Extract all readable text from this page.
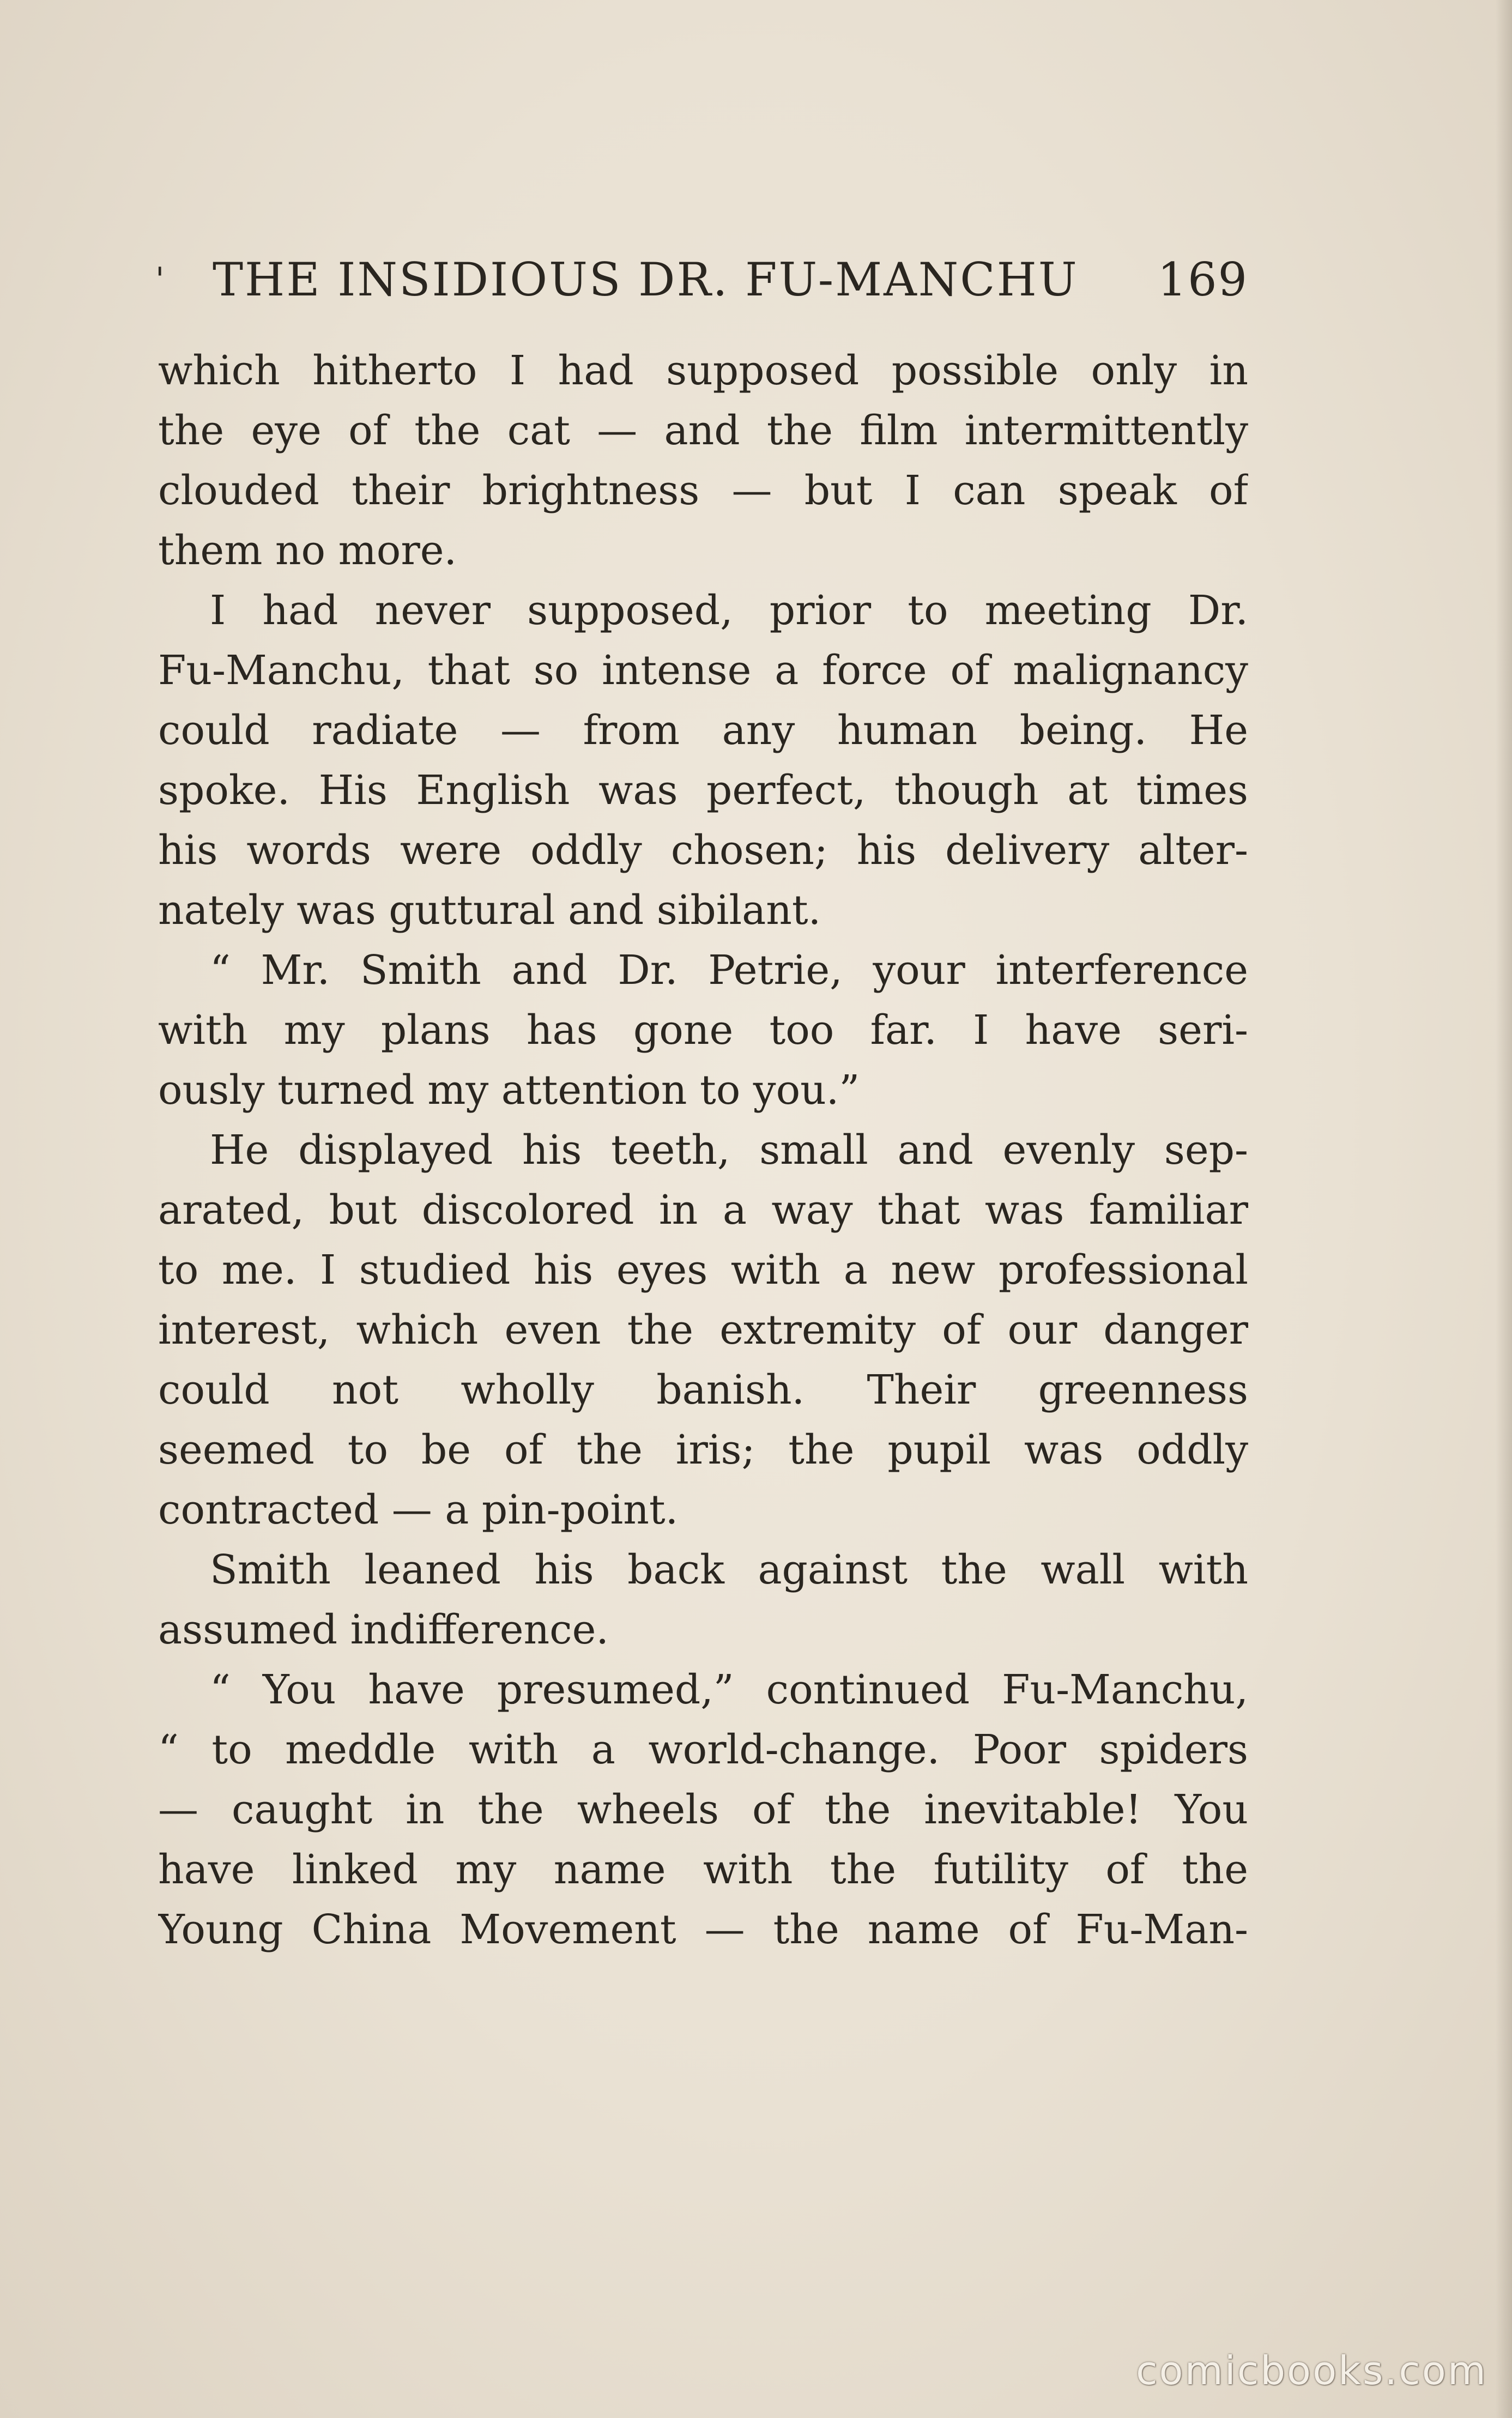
' THE INSIDIOUS DR. FU-MANCHU 169
which hitherto I had supposed possible only in
the eye of the cat — and the film intermittently
clouded their brightness — but I can speak of
them no more.
I had never supposed, prior to meeting Dr.
Fu-Manchu, that so intense a force of malignancy
could radiate — from any human being. He
spoke. His English was perfect, though at times
his words were oddly chosen; his delivery alter-
nately was guttural and sibilant.
“ Mr. Smith and Dr. Petrie, your interference
with my plans has gone too far. I have seri-
ously turned my attention to you.”
He displayed his teeth, small and evenly sep-
arated, but discolored in a way that was familiar
to me. I studied his eyes with a new professional
interest, which even the extremity of our danger
could not wholly banish. Their greenness
seemed to be of the iris; the pupil was oddly
contracted — a pin-point.
Smith leaned his back against the wall with
assumed indifference.
“ You have presumed,” continued Fu-Manchu,
“ to meddle with a world-change. Poor spiders
— caught in the wheels of the inevitable! You
have linked my name with the futility of the
Young China Movement — the name of Fu-Man-
comicbooks.com
